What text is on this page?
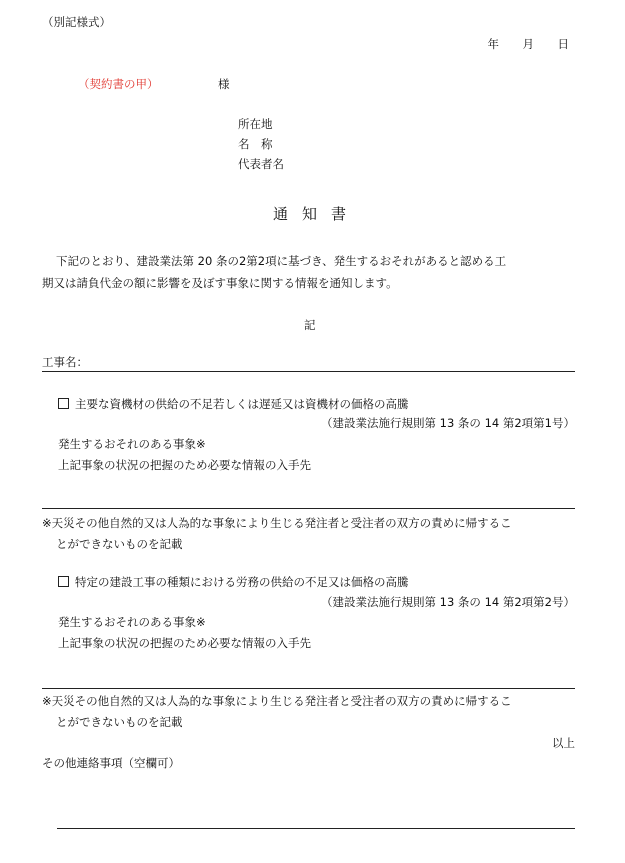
（別記様式）
年　月　日
（契約書の甲）	様
所在地
名　称
代表者名
通知書
下記のとおり、建設業法第 20 条の2第2項に基づき、発生するおそれがあると認める工
期又は請負代金の額に影響を及ぼす事象に関する情報を通知します。
記
工事名：
主要な資機材の供給の不足若しくは遅延又は資機材の価格の高騰
（建設業法施行規則第 13 条の 14 第2項第1号）
発生するおそれのある事象※
上記事象の状況の把握のため必要な情報の入手先
※天災その他自然的又は人為的な事象により生じる発注者と受注者の双方の責めに帰するこ
とができないものを記載
特定の建設工事の種類における労務の供給の不足又は価格の高騰
（建設業法施行規則第 13 条の 14 第2項第2号）
発生するおそれのある事象※
上記事象の状況の把握のため必要な情報の入手先
※天災その他自然的又は人為的な事象により生じる発注者と受注者の双方の責めに帰するこ
とができないものを記載
以上
その他連絡事項（空欄可）
